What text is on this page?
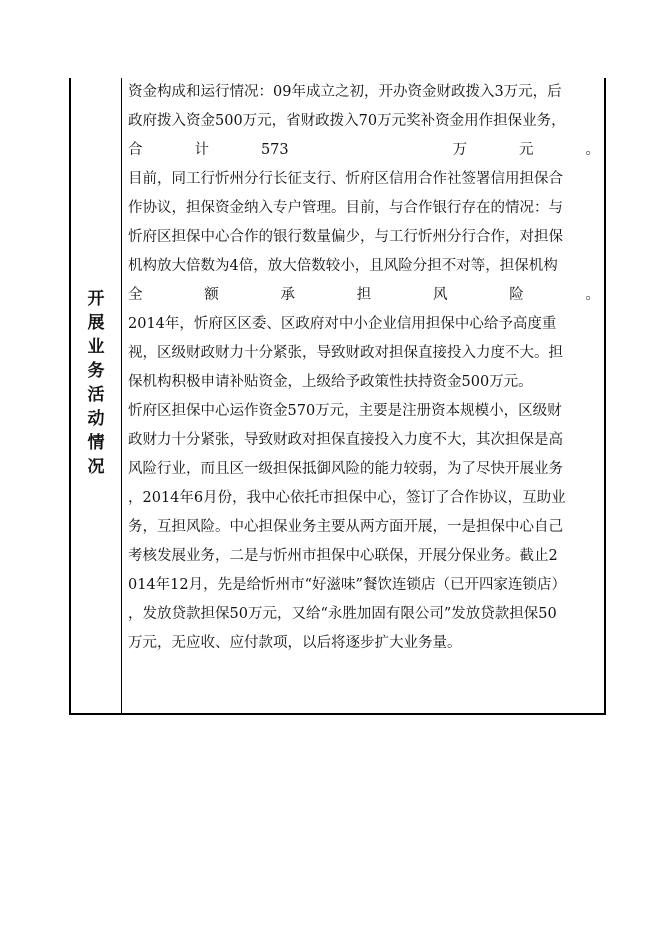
开展业务活动情况
资金构成和运行情况：09年成立之初，开办资金财政拨入3万元，后
政府拨入资金500万元，省财政拨入70万元奖补资金用作担保业务，
合	计	573	万	元	。
目前，同工行忻州分行长征支行、忻府区信用合作社签署信用担保合
作协议，担保资金纳入专户管理。目前，与合作银行存在的情况：与
忻府区担保中心合作的银行数量偏少，与工行忻州分行合作，对担保
机构放大倍数为4倍，放大倍数较小，且风险分担不对等，担保机构
全	额	承	担	风	险	。
2014年，忻府区区委、区政府对中小企业信用担保中心给予高度重
视，区级财政财力十分紧张，导致财政对担保直接投入力度不大。担
保机构积极申请补贴资金，上级给予政策性扶持资金500万元。
忻府区担保中心运作资金570万元，主要是注册资本规模小，区级财
政财力十分紧张，导致财政对担保直接投入力度不大，其次担保是高
风险行业，而且区一级担保抵御风险的能力较弱，为了尽快开展业务
，2014年6月份，我中心依托市担保中心，签订了合作协议，互助业
务，互担风险。中心担保业务主要从两方面开展，一是担保中心自己
考核发展业务，二是与忻州市担保中心联保，开展分保业务。截止2
014年12月，先是给忻州市“好滋味”餐饮连锁店（已开四家连锁店）
，发放贷款担保50万元，又给“永胜加固有限公司”发放贷款担保50
万元，无应收、应付款项，以后将逐步扩大业务量。
